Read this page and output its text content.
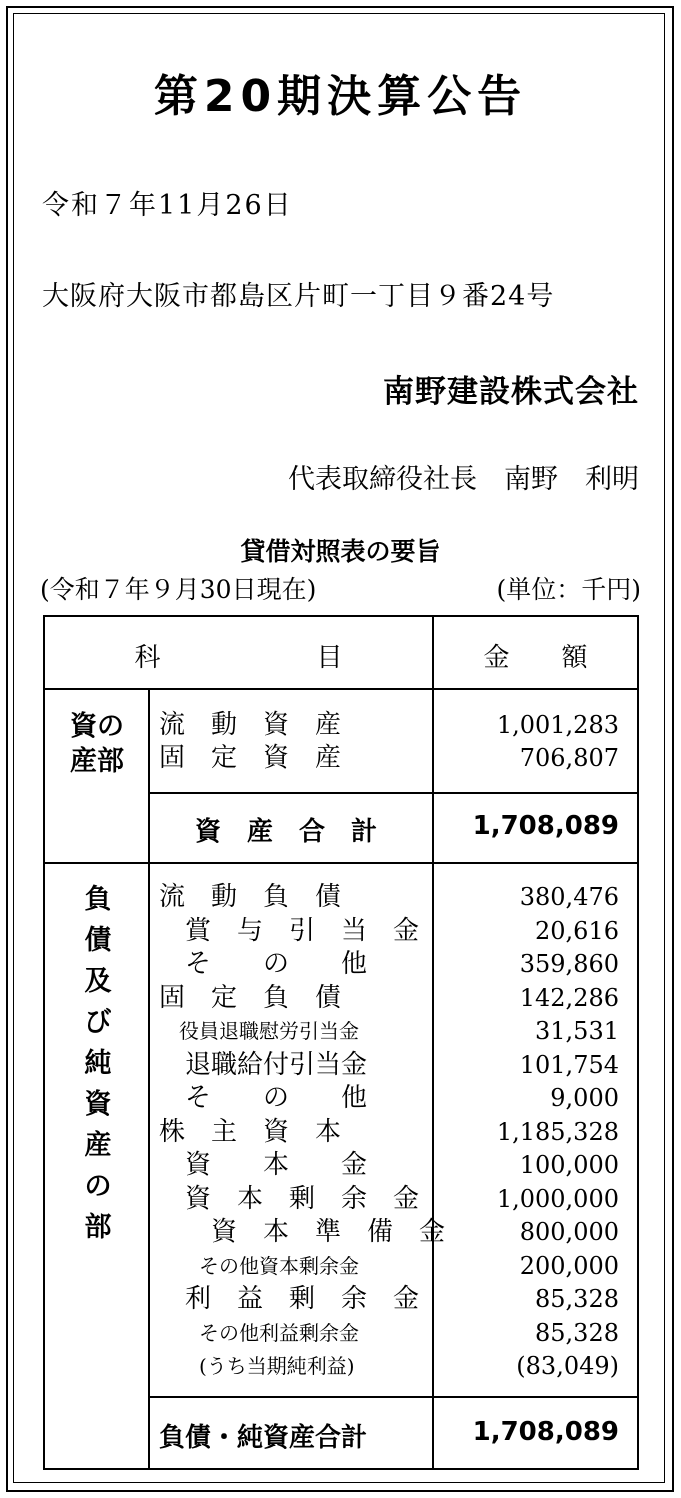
第20期決算公告
令和７年11月26日
大阪府大阪市都島区片町一丁目９番24号
南野建設株式会社
代表取締役社長　南野　利明
貸借対照表の要旨
(令和７年９月30日現在)	(単位：千円)
科　　　　　　目	金　　額
資の
産部
流　動　資　産	1,001,283
固　定　資　産	706,807
資　産　合　計	1,708,089
負
債
及
び
純
資
産
の
部
流　動　負　債	380,476
　賞　与　引　当　金	20,616
　そ　　の　　他	359,860
固　定　負　債	142,286
　役員退職慰労引当金	31,531
　退職給付引当金	101,754
　そ　　の　　他	9,000
株　主　資　本	1,185,328
　資　　本　　金	100,000
　資　本　剰　余　金	1,000,000
　　資　本　準　備　金	800,000
　　その他資本剰余金	200,000
　利　益　剰　余　金	85,328
　　その他利益剰余金	85,328
　　(うち当期純利益)	(83,049)
負債・純資産合計	1,708,089
